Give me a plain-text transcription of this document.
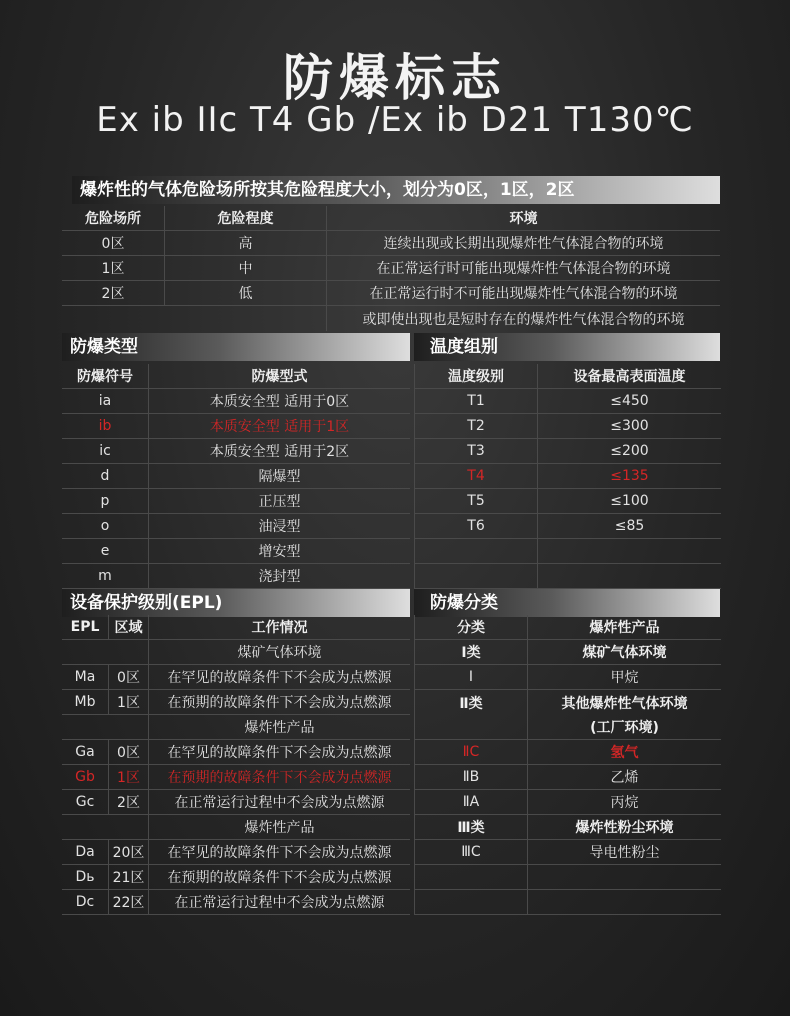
防爆标志
Ex ib IIc T4 Gb /Ex ib D21 T130℃
爆炸性的气体危险场所按其危险程度大小，划分为0区，1区，2区
危险场所	危险程度	环境
0区	高	连续出现或长期出现爆炸性气体混合物的环境
1区	中	在正常运行时可能出现爆炸性气体混合物的环境
2区	低	在正常运行时不可能出现爆炸性气体混合物的环境
或即使出现也是短时存在的爆炸性气体混合物的环境
防爆类型
防爆符号	防爆型式
ia	本质安全型 适用于0区
ib	本质安全型 适用于1区
ic	本质安全型 适用于2区
d	隔爆型
p	正压型
o	油浸型
e	增安型
m	浇封型
温度组别
温度级别	设备最高表面温度
T1	≤450
T2	≤300
T3	≤200
T4	≤135
T5	≤100
T6	≤85
设备保护级别(EPL)
EPL	区域	工作情况
煤矿气体环境
Ma	0区	在罕见的故障条件下不会成为点燃源
Mb	1区	在预期的故障条件下不会成为点燃源
爆炸性产品
Ga	0区	在罕见的故障条件下不会成为点燃源
Gb	1区	在预期的故障条件下不会成为点燃源
Gc	2区	在正常运行过程中不会成为点燃源
爆炸性产品
Da	20区	在罕见的故障条件下不会成为点燃源
Dь	21区	在预期的故障条件下不会成为点燃源
Dc	22区	在正常运行过程中不会成为点燃源
防爆分类
分类	爆炸性产品
Ⅰ类	煤矿气体环境
Ⅰ	甲烷
Ⅱ类	其他爆炸性气体环境
(工厂环境)
ⅡC	氢气
ⅡB	乙烯
ⅡA	丙烷
Ⅲ类	爆炸性粉尘环境
ⅢC	导电性粉尘
